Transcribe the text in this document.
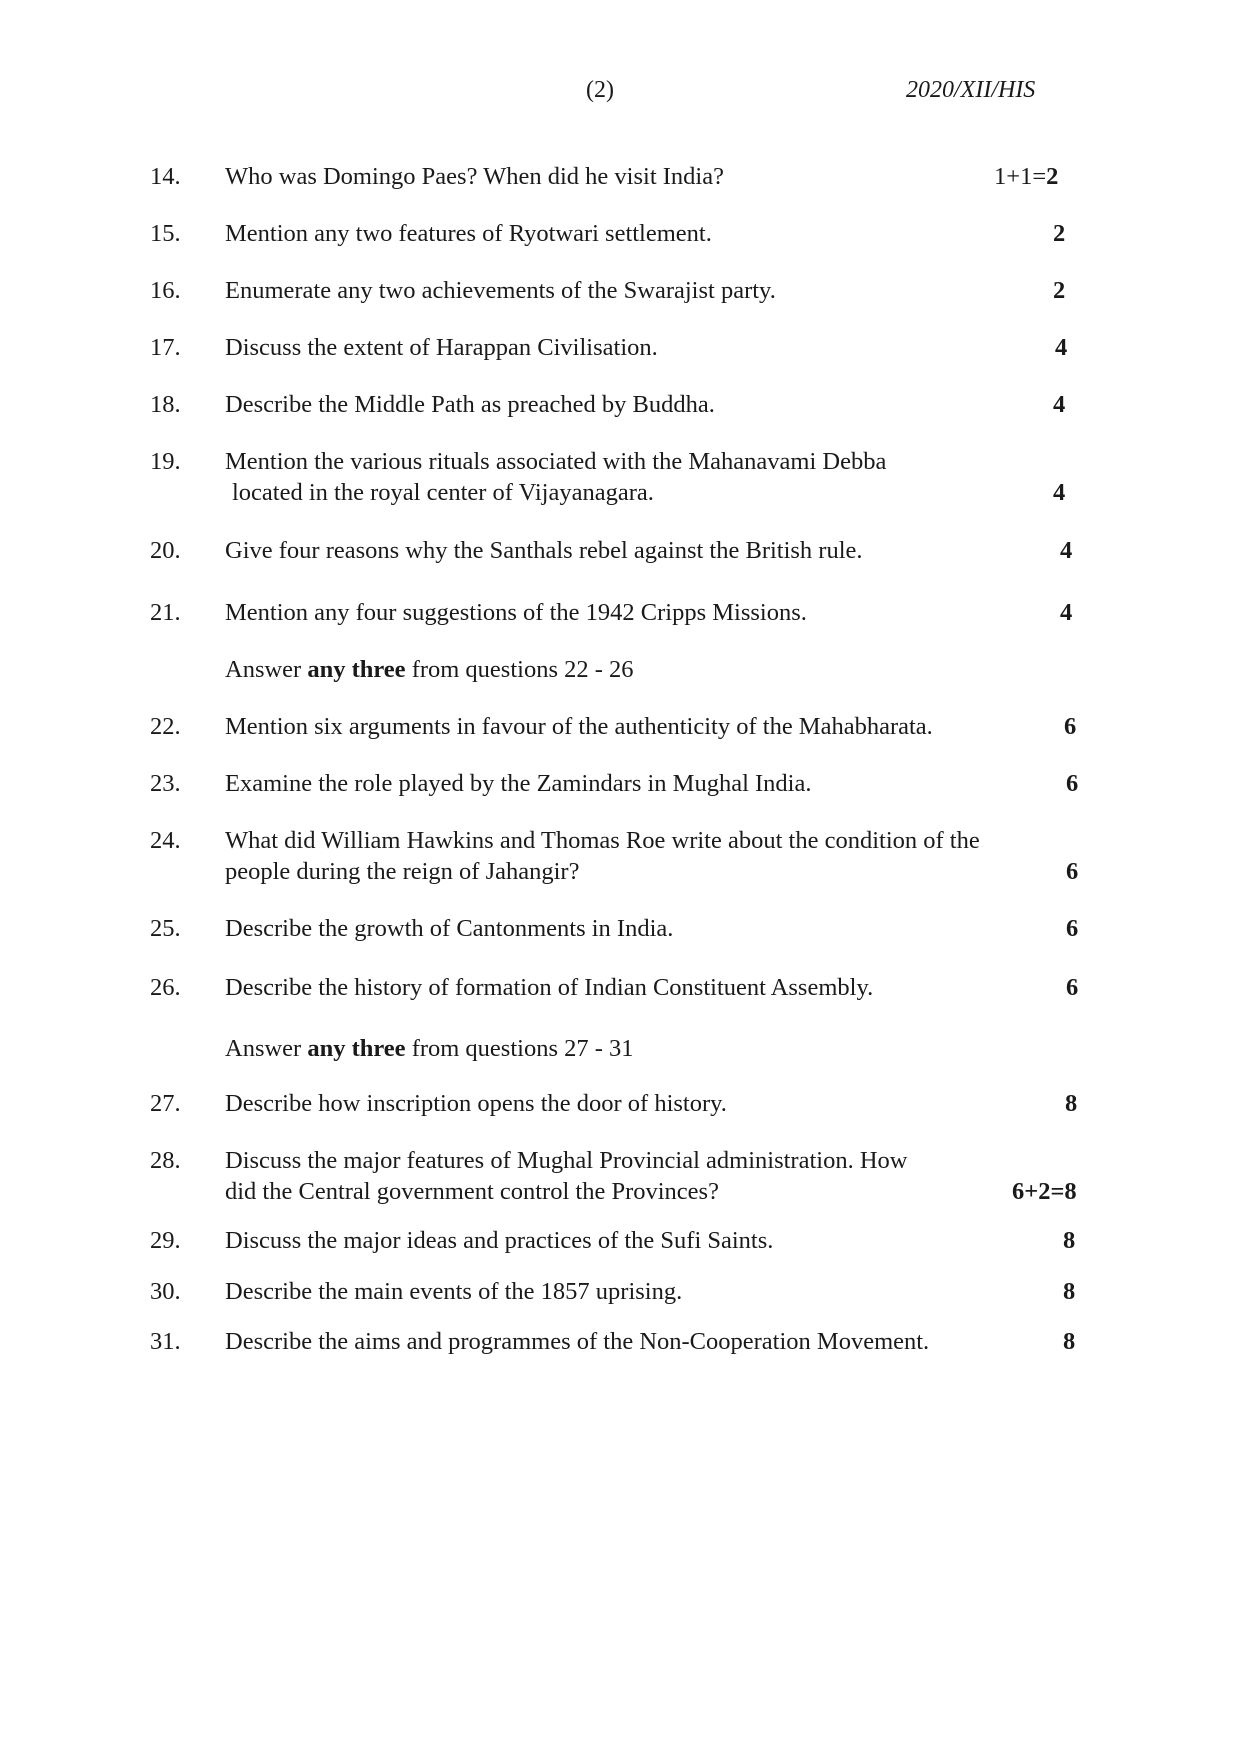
(2)	2020/XII/HIS
14. Who was Domingo Paes? When did he visit India?	1+1=2
15. Mention any two features of Ryotwari settlement.	2
16. Enumerate any two achievements of the Swarajist party.	2
17. Discuss the extent of Harappan Civilisation.	4
18. Describe the Middle Path as preached by Buddha.	4
19. Mention the various rituals associated with the Mahanavami Debba
located in the royal center of Vijayanagara.	4
20. Give four reasons why the Santhals rebel against the British rule.	4
21. Mention any four suggestions of the 1942 Cripps Missions.	4
Answer any three from questions 22 - 26
22. Mention six arguments in favour of the authenticity of the Mahabharata.	6
23. Examine the role played by the Zamindars in Mughal India.	6
24. What did William Hawkins and Thomas Roe write about the condition of the
people during the reign of Jahangir?	6
25. Describe the growth of Cantonments in India.	6
26. Describe the history of formation of Indian Constituent Assembly.	6
Answer any three from questions 27 - 31
27. Describe how inscription opens the door of history.	8
28. Discuss the major features of Mughal Provincial administration. How
did the Central government control the Provinces?	6+2=8
29. Discuss the major ideas and practices of the Sufi Saints.	8
30. Describe the main events of the 1857 uprising.	8
31. Describe the aims and programmes of the Non-Cooperation Movement.	8
